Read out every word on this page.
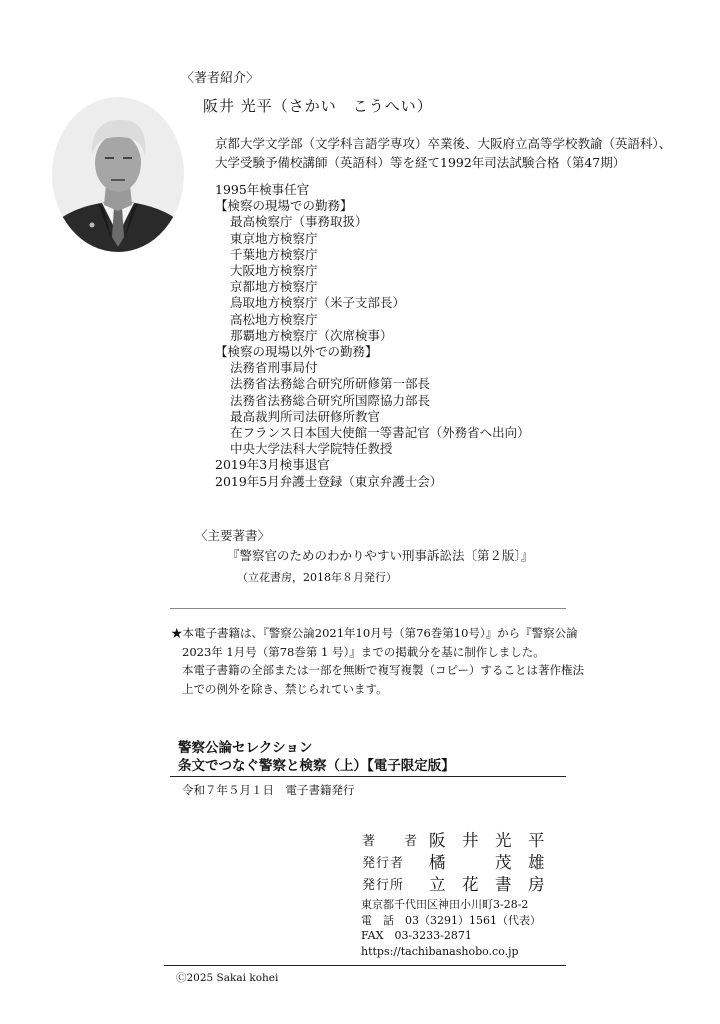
〈著者紹介〉
阪井 光平（さかい　こうへい）
京都大学文学部（文学科言語学専攻）卒業後、大阪府立高等学校教諭（英語科）、
大学受験予備校講師（英語科）等を経て1992年司法試験合格（第47期）
1995年検事任官
【検察の現場での勤務】
最高検察庁（事務取扱）
東京地方検察庁
千葉地方検察庁
大阪地方検察庁
京都地方検察庁
鳥取地方検察庁（米子支部長）
高松地方検察庁
那覇地方検察庁（次席検事）
【検察の現場以外での勤務】
法務省刑事局付
法務省法務総合研究所研修第一部長
法務省法務総合研究所国際協力部長
最高裁判所司法研修所教官
在フランス日本国大使館一等書記官（外務省へ出向）
中央大学法科大学院特任教授
2019年3月検事退官
2019年5月弁護士登録（東京弁護士会）
〈主要著書〉
『警察官のためのわかりやすい刑事訴訟法〔第２版〕』
（立花書房，2018年８月発行）
★本電子書籍は、『警察公論2021年10月号（第76巻第10号）』から『警察公論
2023年 1月号（第78巻第 1 号）』までの掲載分を基に制作しました。
本電子書籍の全部または一部を無断で複写複製（コピー）することは著作権法
上での例外を除き、禁じられています。
警察公論セレクション
条文でつなぐ警察と検察（上）【電子限定版】
令和７年５月１日　電子書籍発行
著　　者 阪　井　光　平
発行者 橘　　　茂　雄
発行所 立　花　書　房
東京都千代田区神田小川町3-28-2
電　話　03（3291）1561（代表）
FAX　03-3233-2871
https://tachibanashobo.co.jp
Ⓒ2025 Sakai kohei
